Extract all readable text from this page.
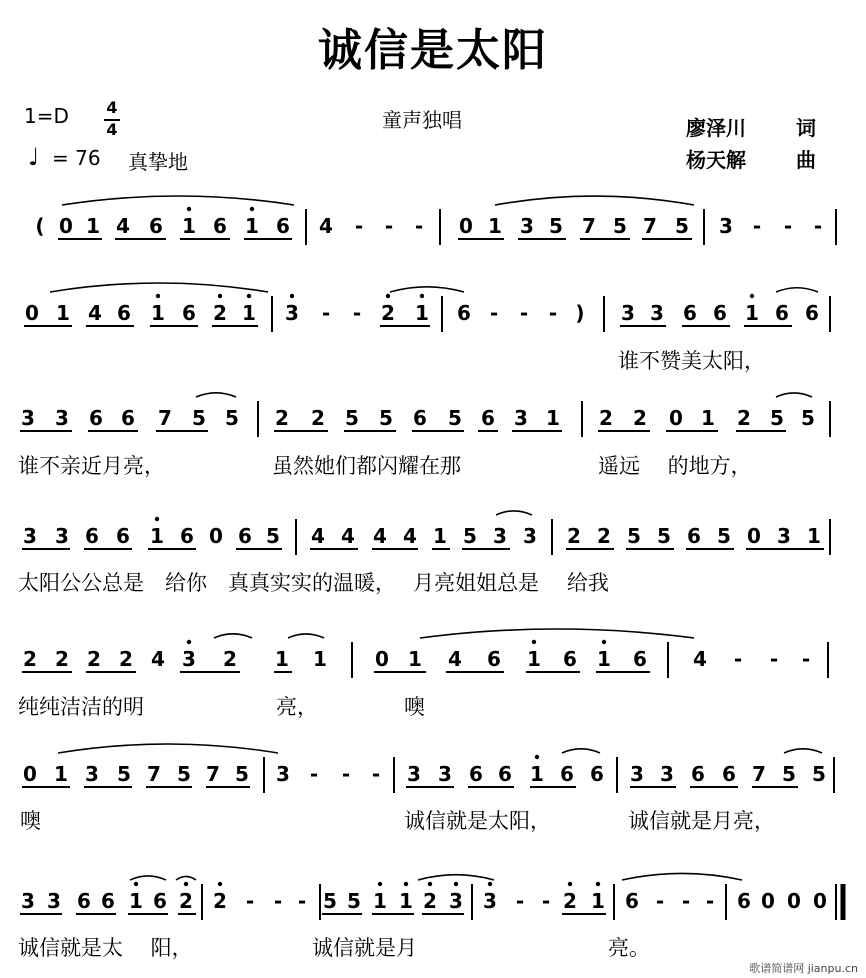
诚信是太阳
1=D 4
4
♩ = 76 真挚地
童声独唱	廖泽川	词
杨天解	曲
( 0 1 4 6 1 6 1 6 4 - - - 0 1 3 5 7 5 7 5 3 - - -
0 1 4 6 1 6 2 1 3 - - 2 1 6 - - - ) 3 3 6 6 1 6 6
谁不赞美太阳，
3 3 6 6 7 5 5 2 2 5 5 6 5 6 3 1 2 2 0 1 2 5 5
谁不亲近月亮，	虽然她们都闪耀在那	遥远　 的地方，
3 3 6 6 1 6 0 6 5 4 4 4 4 1 5 3 3 2 2 5 5 6 5 0 3 1
太阳公公总是　给你　真真实实的温暖，　 月亮姐姐总是　 给我
2 2 2 2 4 3 2 1 1 0 1 4 6 1 6 1 6 4 - - -
纯纯洁洁的明	亮，	噢
0 1 3 5 7 5 7 5 3 - - - 3 3 6 6 1 6 6 3 3 6 6 7 5 5
噢	诚信就是太阳，	诚信就是月亮，
3 3 6 6 1 6 2 2 - - - 5 5 1 1 2 3 3 - - 2 1 6 - - - 6 0 0 0
诚信就是太　 阳，	诚信就是月	亮。
歌谱简谱网 jianpu.cn
